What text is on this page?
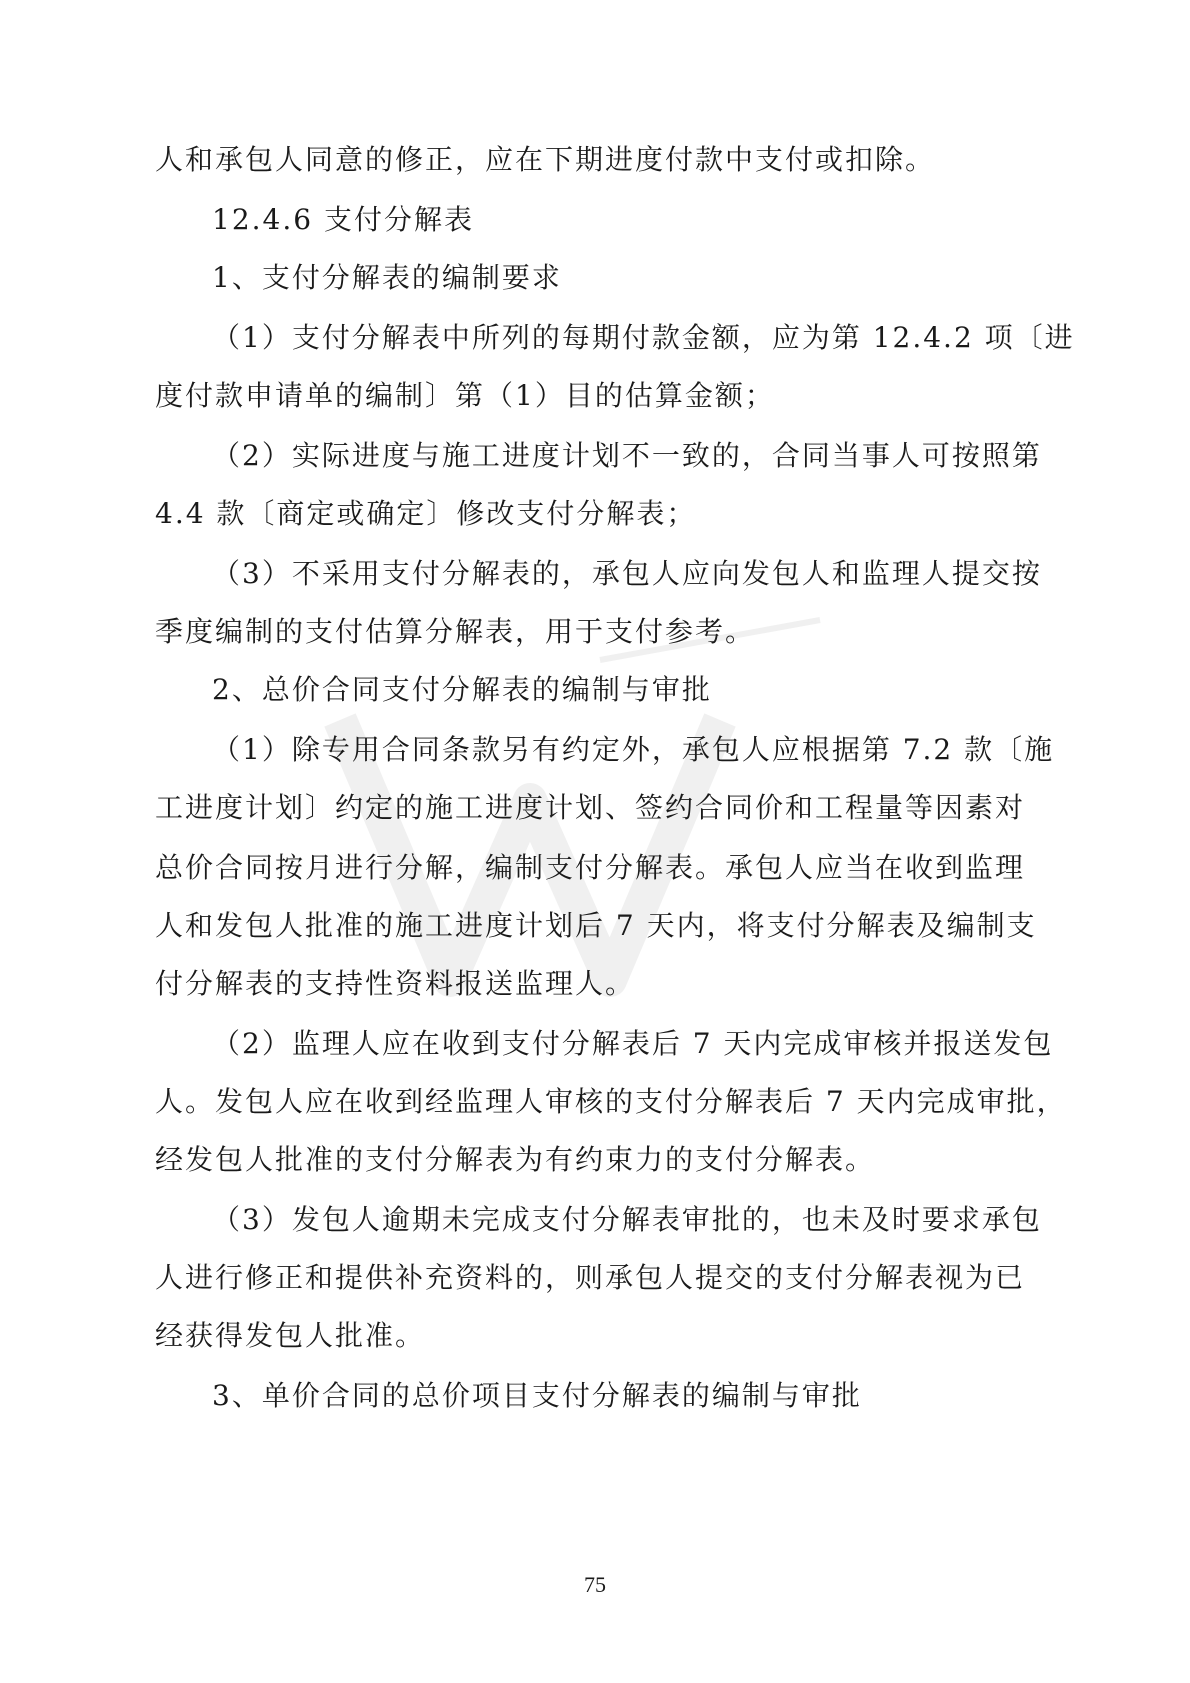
人和承包人同意的修正，应在下期进度付款中支付或扣除。
12.4.6 支付分解表
1、支付分解表的编制要求
（1）支付分解表中所列的每期付款金额，应为第 12.4.2 项〔进
度付款申请单的编制〕第（1）目的估算金额；
（2）实际进度与施工进度计划不一致的，合同当事人可按照第
4.4 款〔商定或确定〕修改支付分解表；
（3）不采用支付分解表的，承包人应向发包人和监理人提交按
季度编制的支付估算分解表，用于支付参考。
2、总价合同支付分解表的编制与审批
（1）除专用合同条款另有约定外，承包人应根据第 7.2 款〔施
工进度计划〕约定的施工进度计划、签约合同价和工程量等因素对
总价合同按月进行分解，编制支付分解表。承包人应当在收到监理
人和发包人批准的施工进度计划后 7 天内，将支付分解表及编制支
付分解表的支持性资料报送监理人。
（2）监理人应在收到支付分解表后 7 天内完成审核并报送发包
人。发包人应在收到经监理人审核的支付分解表后 7 天内完成审批，
经发包人批准的支付分解表为有约束力的支付分解表。
（3）发包人逾期未完成支付分解表审批的，也未及时要求承包
人进行修正和提供补充资料的，则承包人提交的支付分解表视为已
经获得发包人批准。
3、单价合同的总价项目支付分解表的编制与审批
75
